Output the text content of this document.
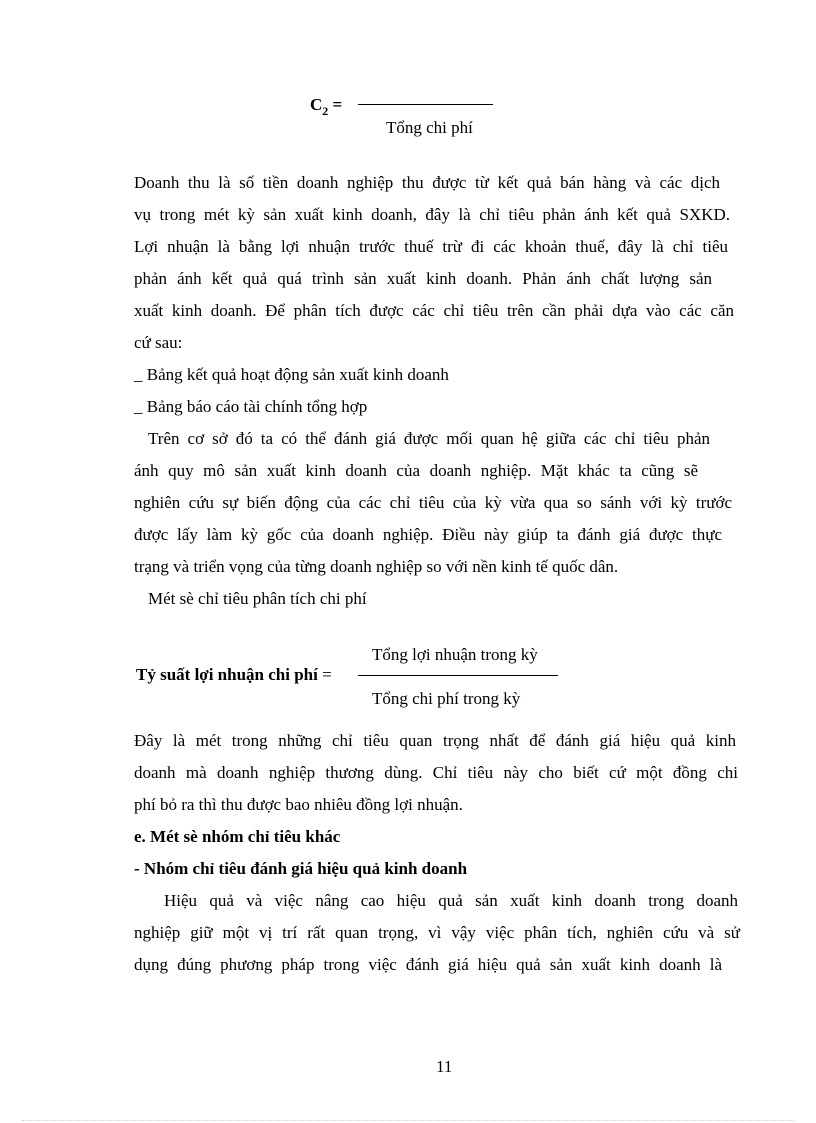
$C_2$ =
Tổng chi phí
Doanh thu là số tiền doanh nghiệp thu được từ kết quả bán hàng và các dịch
vụ trong mét kỳ sản xuất kinh doanh, đây là chỉ tiêu phản ánh kết quả SXKD.
Lợi nhuận là bằng lợi nhuận trước thuế trừ đi các khoản thuế, đây là chỉ tiêu
phản ánh kết quả quá trình sản xuất kinh doanh. Phản ánh chất lượng sản
xuất kinh doanh. Để phân tích được các chỉ tiêu trên cần phải dựa vào các căn
cứ sau:
_ Bảng kết quả hoạt động sản xuất kinh doanh
_ Bảng báo cáo tài chính tổng hợp
Trên cơ sở đó ta có thể đánh giá được mối quan hệ giữa các chỉ tiêu phản
ánh quy mô sản xuất kinh doanh của doanh nghiệp. Mặt khác ta cũng sẽ
nghiên cứu sự biến động của các chỉ tiêu của kỳ vừa qua so sánh với kỳ trước
được lấy làm kỳ gốc của doanh nghiệp. Điều này giúp ta đánh giá được thực
trạng và triển vọng của từng doanh nghiệp so với nền kinh tế quốc dân.
Mét sè chỉ tiêu phân tích chi phí
Tổng lợi nhuận trong kỳ
Tỷ suất lợi nhuận chi phí =
Tổng chi phí trong kỳ
Đây là mét trong những chỉ tiêu quan trọng nhất để đánh giá hiệu quả kinh
doanh mà doanh nghiệp thương dùng. Chỉ tiêu này cho biết cứ một đồng chi
phí bỏ ra thì thu được bao nhiêu đồng lợi nhuận.
e. Mét sè nhóm chỉ tiêu khác
- Nhóm chỉ tiêu đánh giá hiệu quả kinh doanh
Hiệu quả và việc nâng cao hiệu quả sản xuất kinh doanh trong doanh
nghiệp giữ một vị trí rất quan trọng, vì vậy việc phân tích, nghiên cứu và sử
dụng đúng phương pháp trong việc đánh giá hiệu quả sản xuất kinh doanh là
11
